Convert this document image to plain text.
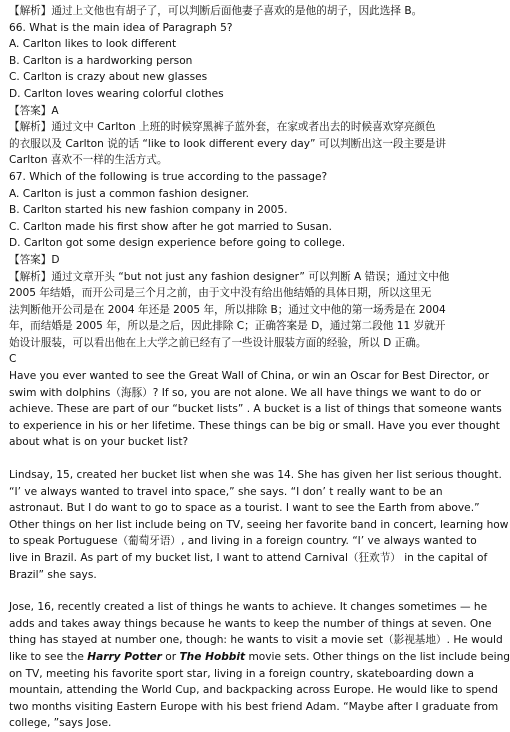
【解析】通过上文他也有胡子了，可以判断后面他妻子喜欢的是他的胡子，因此选择 B。
66. What is the main idea of Paragraph 5?
A. Carlton likes to look different
B. Carlton is a hardworking person
C. Carlton is crazy about new glasses
D. Carlton loves wearing colorful clothes
【答案】A
【解析】通过文中 Carlton 上班的时候穿黑裤子蓝外套，在家或者出去的时候喜欢穿亮颜色
的衣服以及 Carlton 说的话 “like to look different every day” 可以判断出这一段主要是讲
Carlton 喜欢不一样的生活方式。
67. Which of the following is true according to the passage?
A. Carlton is just a common fashion designer.
B. Carlton started his new fashion company in 2005.
C. Carlton made his first show after he got married to Susan.
D. Carlton got some design experience before going to college.
【答案】D
【解析】通过文章开头 “but not just any fashion designer” 可以判断 A 错误；通过文中他
2005 年结婚，而开公司是三个月之前，由于文中没有给出他结婚的具体日期，所以这里无
法判断他开公司是在 2004 年还是 2005 年，所以排除 B；通过文中他的第一场秀是在 2004
年，而结婚是 2005 年，所以是之后，因此排除 C；正确答案是 D，通过第二段他 11 岁就开
始设计服装，可以看出他在上大学之前已经有了一些设计服装方面的经验，所以 D 正确。
C
Have you ever wanted to see the Great Wall of China, or win an Oscar for Best Director, or
swim with dolphins（海豚）? If so, you are not alone. We all have things we want to do or
achieve. These are part of our “bucket lists” . A bucket is a list of things that someone wants
to experience in his or her lifetime. These things can be big or small. Have you ever thought
about what is on your bucket list?
Lindsay, 15, created her bucket list when she was 14. She has given her list serious thought.
“I’ ve always wanted to travel into space,” she says. “I don’ t really want to be an
astronaut. But I do want to go to space as a tourist. I want to see the Earth from above.”
Other things on her list include being on TV, seeing her favorite band in concert, learning how
to speak Portuguese（葡萄牙语）, and living in a foreign country. “I’ ve always wanted to
live in Brazil. As part of my bucket list, I want to attend Carnival（狂欢节） in the capital of
Brazil” she says.
Jose, 16, recently created a list of things he wants to achieve. It changes sometimes — he
adds and takes away things because he wants to keep the number of things at seven. One
thing has stayed at number one, though: he wants to visit a movie set（影视基地）. He would
like to see the Harry Potter or The Hobbit movie sets. Other things on the list include being
on TV, meeting his favorite sport star, living in a foreign country, skateboarding down a
mountain, attending the World Cup, and backpacking across Europe. He would like to spend
two months visiting Eastern Europe with his best friend Adam. “Maybe after I graduate from
college, ”says Jose.
